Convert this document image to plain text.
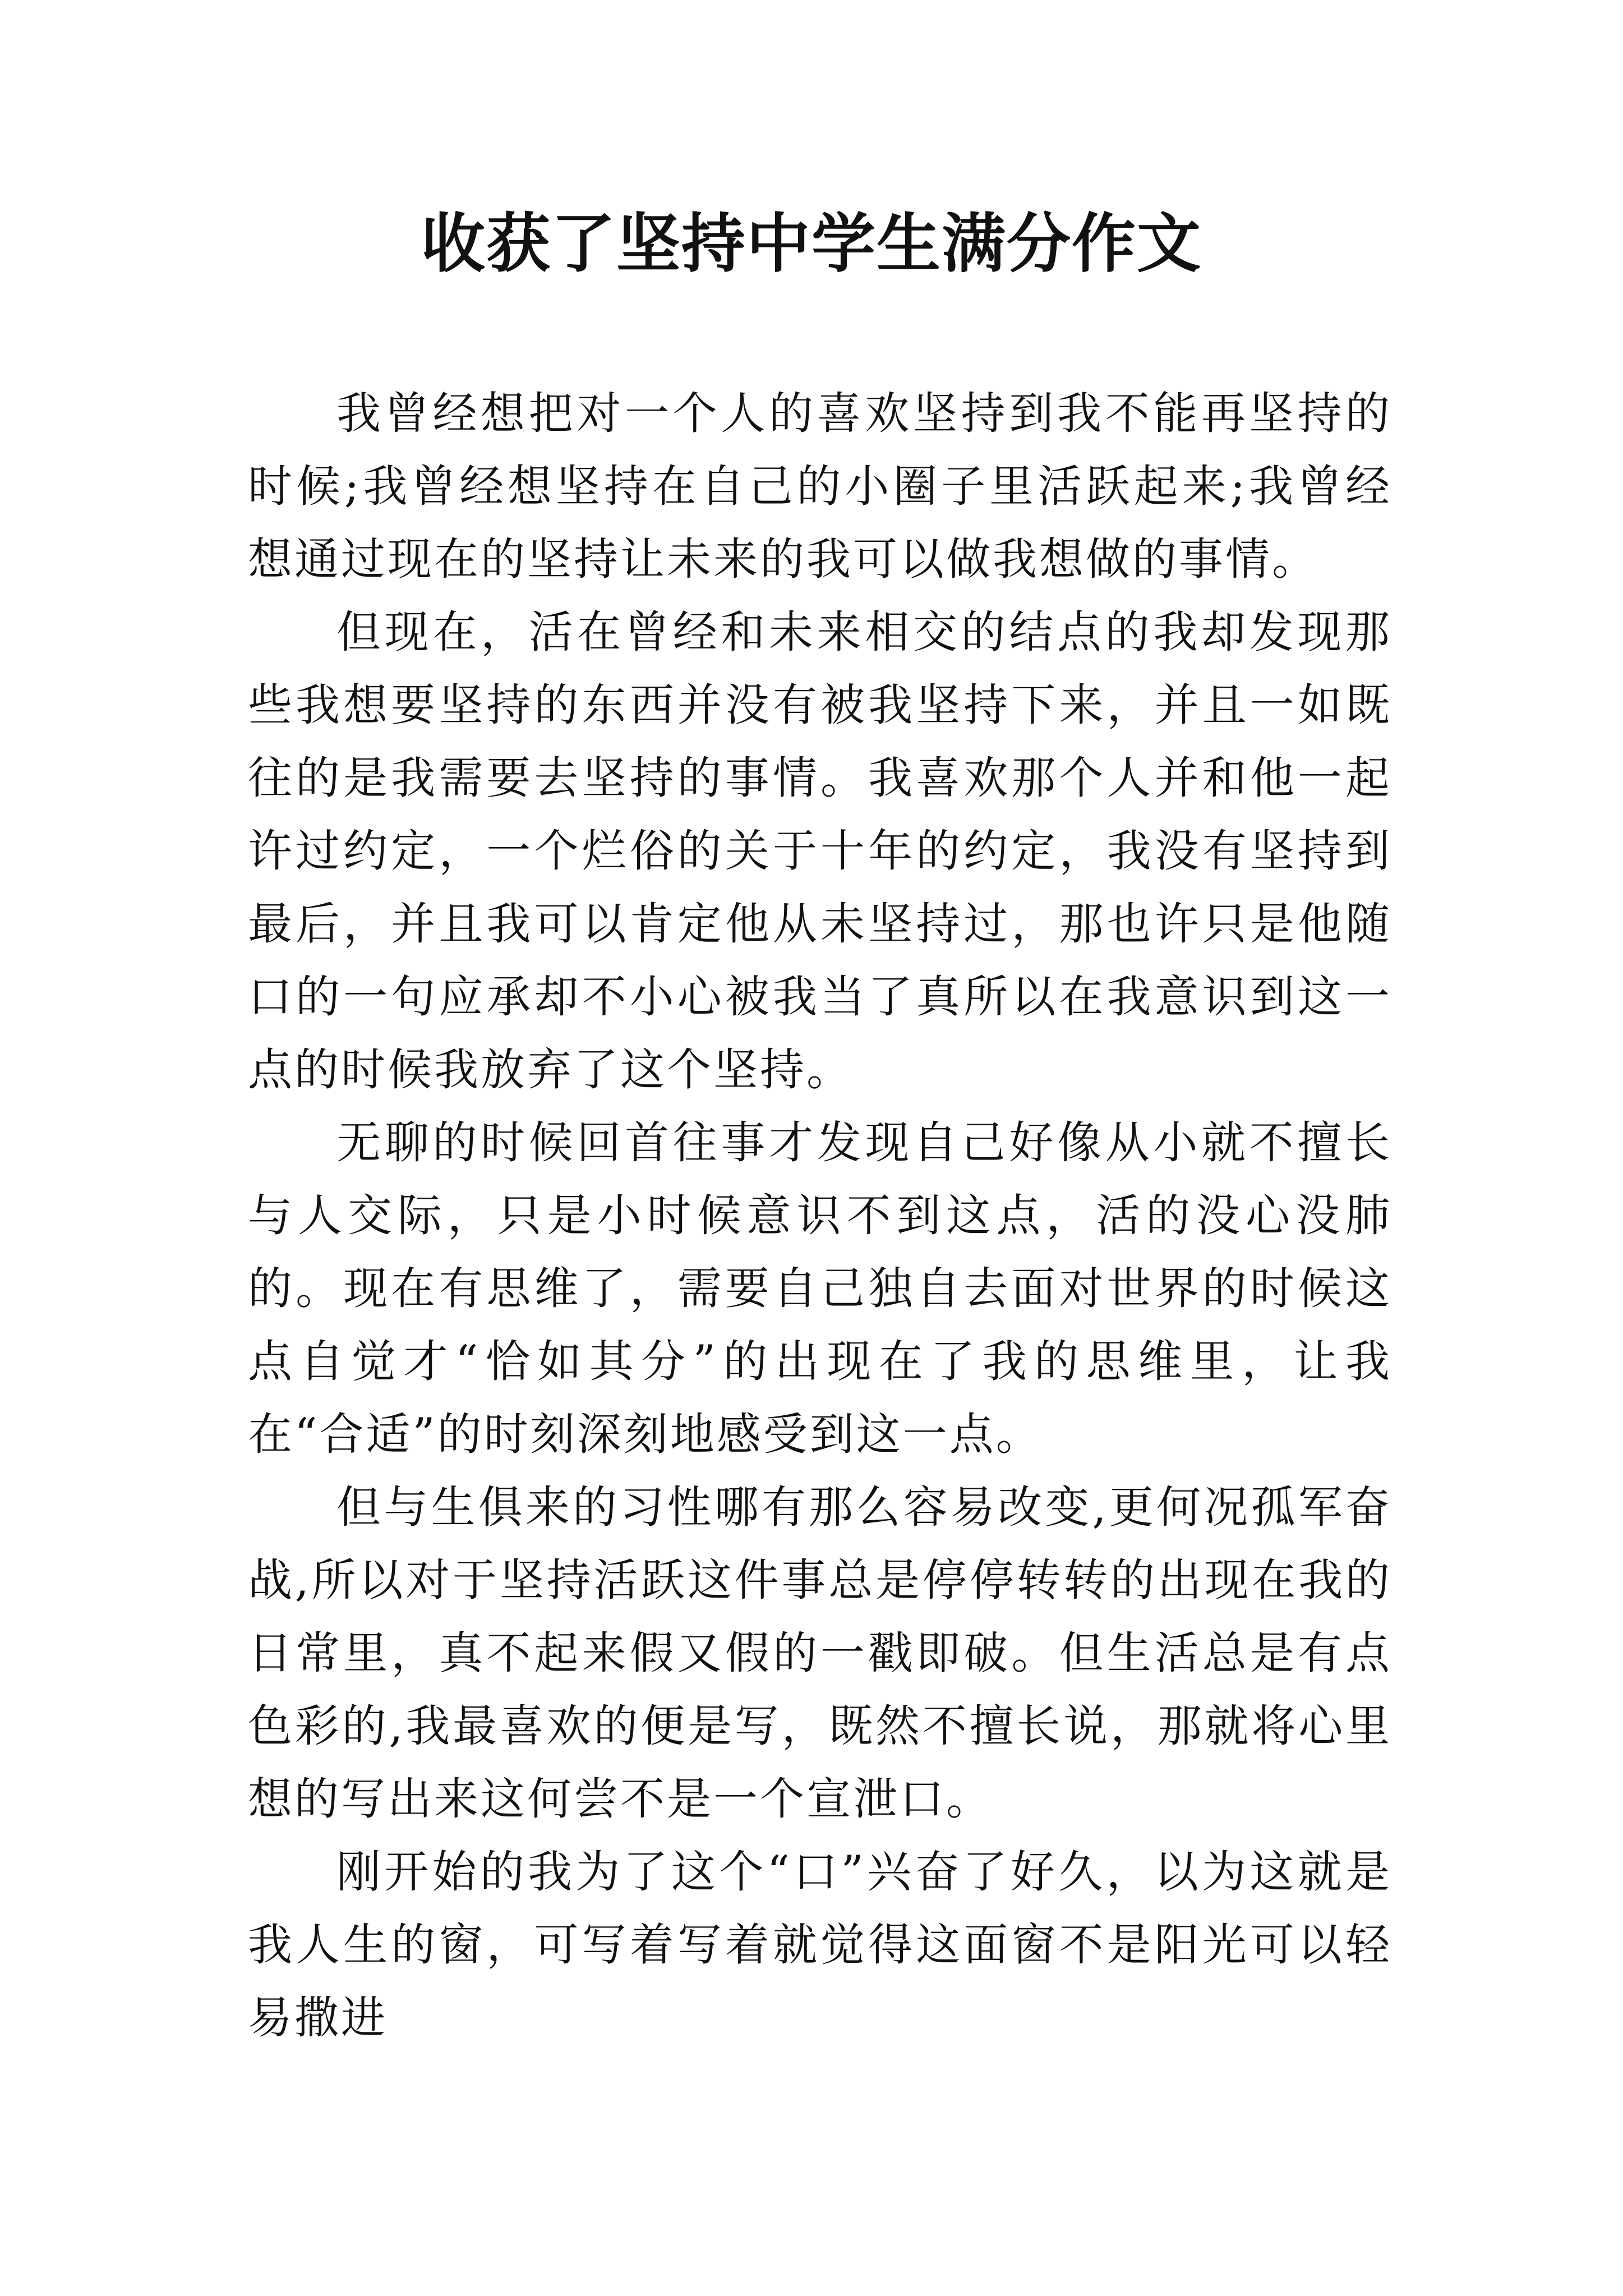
收获了坚持中学生满分作文

我曾经想把对一个人的喜欢坚持到我不能再坚持的时候;我曾经想坚持在自己的小圈子里活跃起来;我曾经想通过现在的坚持让未来的我可以做我想做的事情。

但现在，活在曾经和未来相交的结点的我却发现那些我想要坚持的东西并没有被我坚持下来，并且一如既往的是我需要去坚持的事情。我喜欢那个人并和他一起许过约定，一个烂俗的关于十年的约定，我没有坚持到最后，并且我可以肯定他从未坚持过，那也许只是他随口的一句应承却不小心被我当了真所以在我意识到这一点的时候我放弃了这个坚持。

无聊的时候回首往事才发现自己好像从小就不擅长与人交际，只是小时候意识不到这点，活的没心没肺的。现在有思维了，需要自己独自去面对世界的时候这点自觉才“恰如其分”的出现在了我的思维里，让我在“合适”的时刻深刻地感受到这一点。

但与生俱来的习性哪有那么容易改变,更何况孤军奋战,所以对于坚持活跃这件事总是停停转转的出现在我的日常里，真不起来假又假的一戳即破。但生活总是有点色彩的,我最喜欢的便是写，既然不擅长说，那就将心里想的写出来这何尝不是一个宣泄口。

刚开始的我为了这个“口”兴奋了好久，以为这就是我人生的窗，可写着写着就觉得这面窗不是阳光可以轻易撒进
